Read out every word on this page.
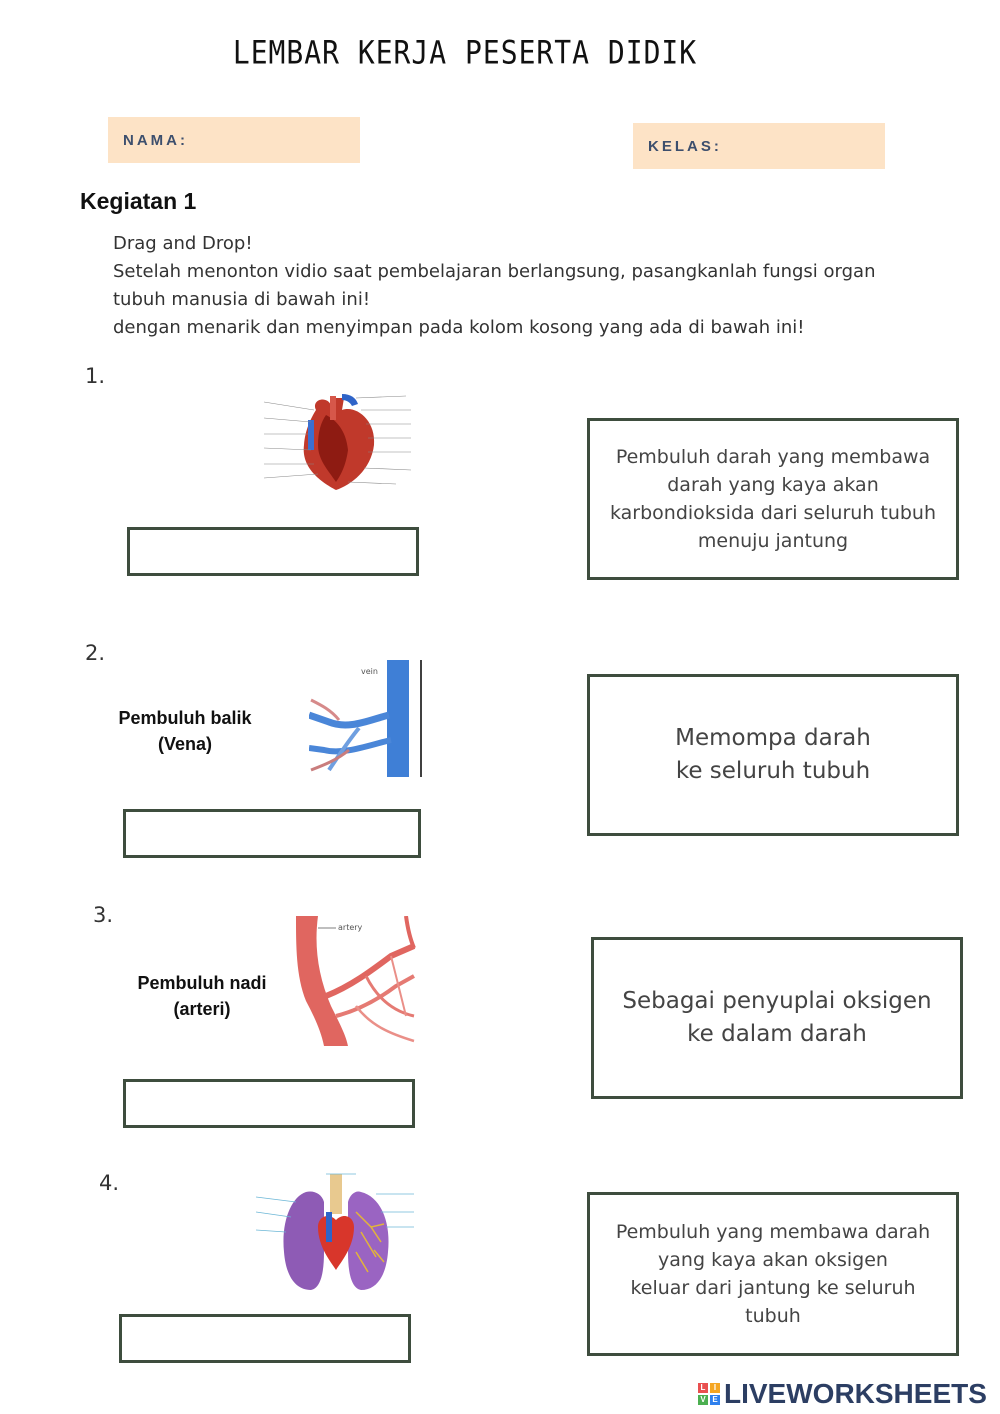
LEMBAR KERJA PESERTA DIDIK
NAMA:	KELAS:
Kegiatan 1
Drag and Drop!
Setelah menonton vidio saat pembelajaran berlangsung, pasangkanlah fungsi organ
tubuh manusia di bawah ini!
dengan menarik dan menyimpan pada kolom kosong yang ada di bawah ini!
1.
Pembuluh darah yang membawa
darah yang kaya akan
karbondioksida dari seluruh tubuh
menuju jantung
2.
Pembuluh balik
(Vena)
vein
Memompa darah
ke seluruh tubuh
3.
Pembuluh nadi
(arteri)
artery
Sebagai penyuplai oksigen
ke dalam darah
4.
Pembuluh yang membawa darah
yang kaya akan oksigen
keluar dari jantung ke seluruh
tubuh
L	I
V E LIVEWORKSHEETS
